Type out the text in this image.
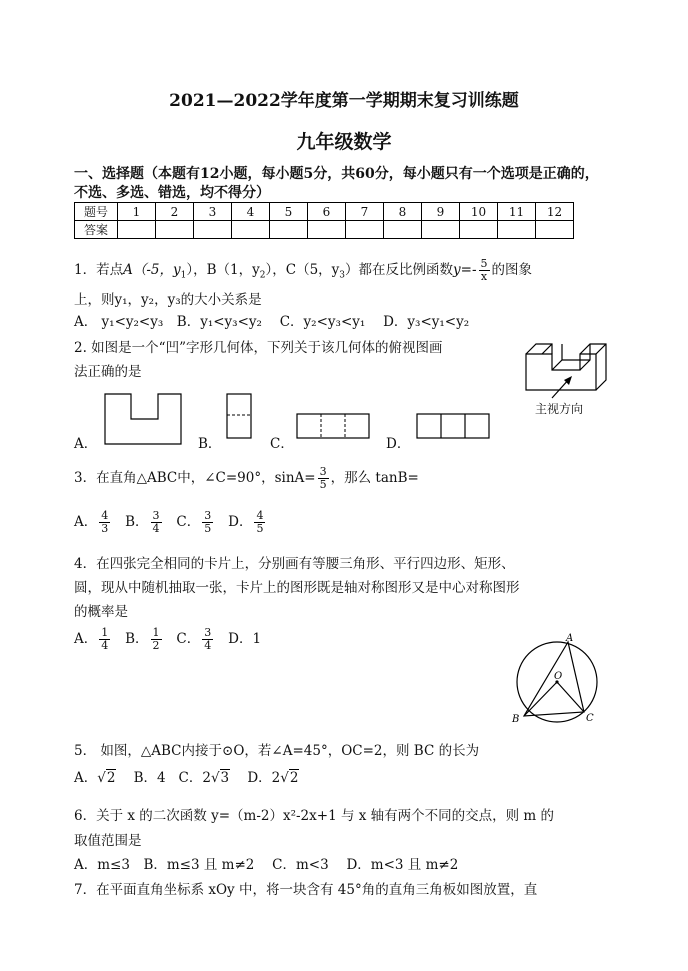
2021—2022学年度第一学期期末复习训练题
九年级数学
一、选择题（本题有12小题，每小题5分，共60分，每小题只有一个选项是正确的，
不选、多选、错选，均不得分）
题号	1	2	3	4	5	6	7	8	9	10	11	12
答案												
1．若点A（-5，$y_1$），B（1，$y_2$），C（5，$y_3$）都在反比例函数$y=- \frac{5}{x}$ 的图象
上，则y₁，y₂，y₃的大小关系是
A． y₁<y₂<y₃　B．y₁<y₃<y₂　 C．y₂<y₃<y₁　 D．y₃<y₁<y₂
2. 如图是一个“凹”字形几何体，下列关于该几何体的俯视图画
法正确的是
主视方向
A．	B．	C．	D．
3．在直角△ABC中，∠C=90°，$\sin A= \frac{3}{5}$ ，那么 tanB=
A． $\frac{4}{3}$ B． $\frac{3}{4}$ C． $\frac{3}{5}$ D． $\frac{4}{5}$
4．在四张完全相同的卡片上，分别画有等腰三角形、平行四边形、矩形、
圆，现从中随机抽取一张，卡片上的图形既是轴对称图形又是中心对称图形
的概率是
A． $\frac{1}{4}$ B． $\frac{1}{2}$ C． $\frac{3}{4}$ D．1	A
O
B	C
5． 如图，△ABC内接于⊙O，若∠A=45°，OC=2，则 BC 的长为
A．√2 B．4 C．2√3 D．2√2
6．关于 x 的二次函数 y=（m-2）x²-2x+1 与 x 轴有两个不同的交点，则 m 的
取值范围是
A．m≤3　B．m≤3 且 m≠2　 C．m<3　 D．m<3 且 m≠2
7．在平面直角坐标系 xOy 中，将一块含有 45°角的直角三角板如图放置，直
